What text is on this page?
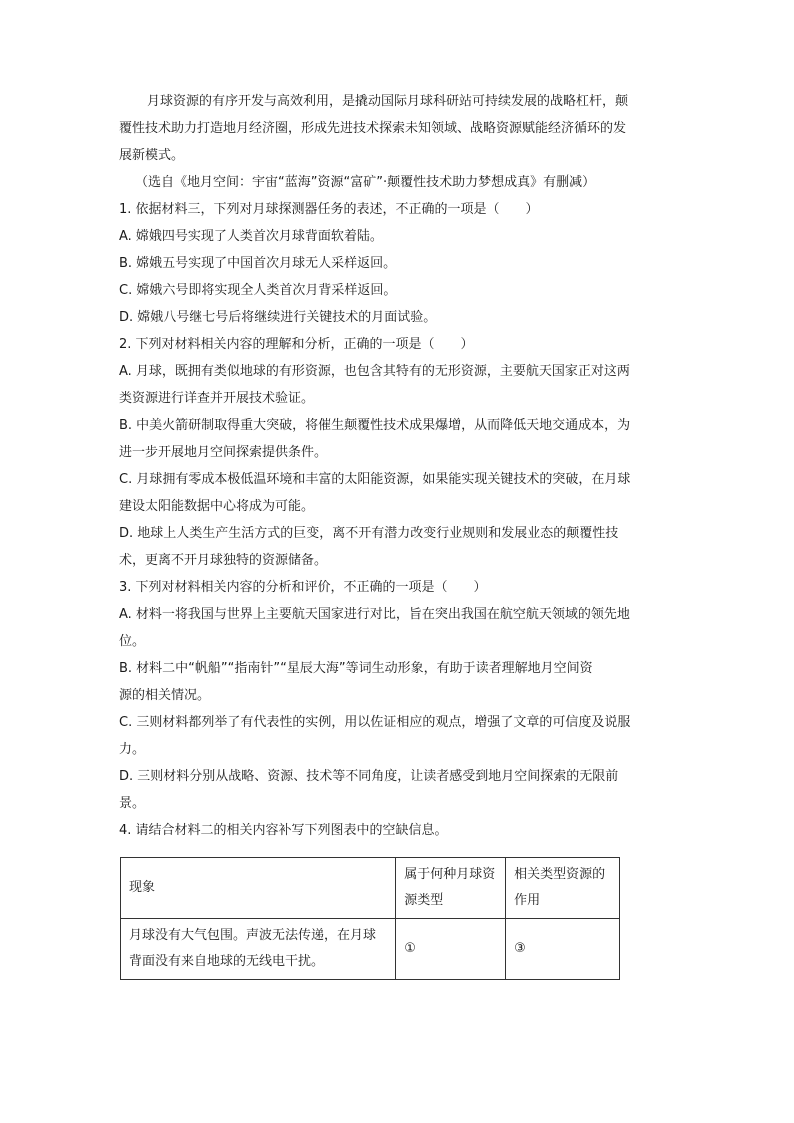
月球资源的有序开发与高效利用，是撬动国际月球科研站可持续发展的战略杠杆，颠

覆性技术助力打造地月经济圈，形成先进技术探索未知领域、战略资源赋能经济循环的发

展新模式。

（选自《地月空间：宇宙“蓝海”资源“富矿”·颠覆性技术助力梦想成真》有删减）

1. 依据材料三，下列对月球探测器任务的表述，不正确的一项是（　　）

A. 嫦娥四号实现了人类首次月球背面软着陆。

B. 嫦娥五号实现了中国首次月球无人采样返回。

C. 嫦娥六号即将实现全人类首次月背采样返回。

D. 嫦娥八号继七号后将继续进行关键技术的月面试验。

2. 下列对材料相关内容的理解和分析，正确的一项是（　　）

A. 月球，既拥有类似地球的有形资源，也包含其特有的无形资源，主要航天国家正对这两

类资源进行详查并开展技术验证。

B. 中美火箭研制取得重大突破，将催生颠覆性技术成果爆增，从而降低天地交通成本，为

进一步开展地月空间探索提供条件。

C. 月球拥有零成本极低温环境和丰富的太阳能资源，如果能实现关键技术的突破，在月球

建设太阳能数据中心将成为可能。

D. 地球上人类生产生活方式的巨变，离不开有潜力改变行业规则和发展业态的颠覆性技

术，更离不开月球独特的资源储备。

3. 下列对材料相关内容的分析和评价，不正确的一项是（　　）

A. 材料一将我国与世界上主要航天国家进行对比，旨在突出我国在航空航天领域的领先地

位。

B. 材料二中“帆船”“指南针”“星辰大海”等词生动形象，有助于读者理解地月空间资

源的相关情况。

C. 三则材料都列举了有代表性的实例，用以佐证相应的观点，增强了文章的可信度及说服

力。

D. 三则材料分别从战略、资源、技术等不同角度，让读者感受到地月空间探索的无限前

景。

4. 请结合材料二的相关内容补写下列图表中的空缺信息。

现象	属于何种月球资源类型	相关类型资源的作用
月球没有大气包围。声波无法传递，在月球背面没有来自地球的无线电干扰。	①	③
